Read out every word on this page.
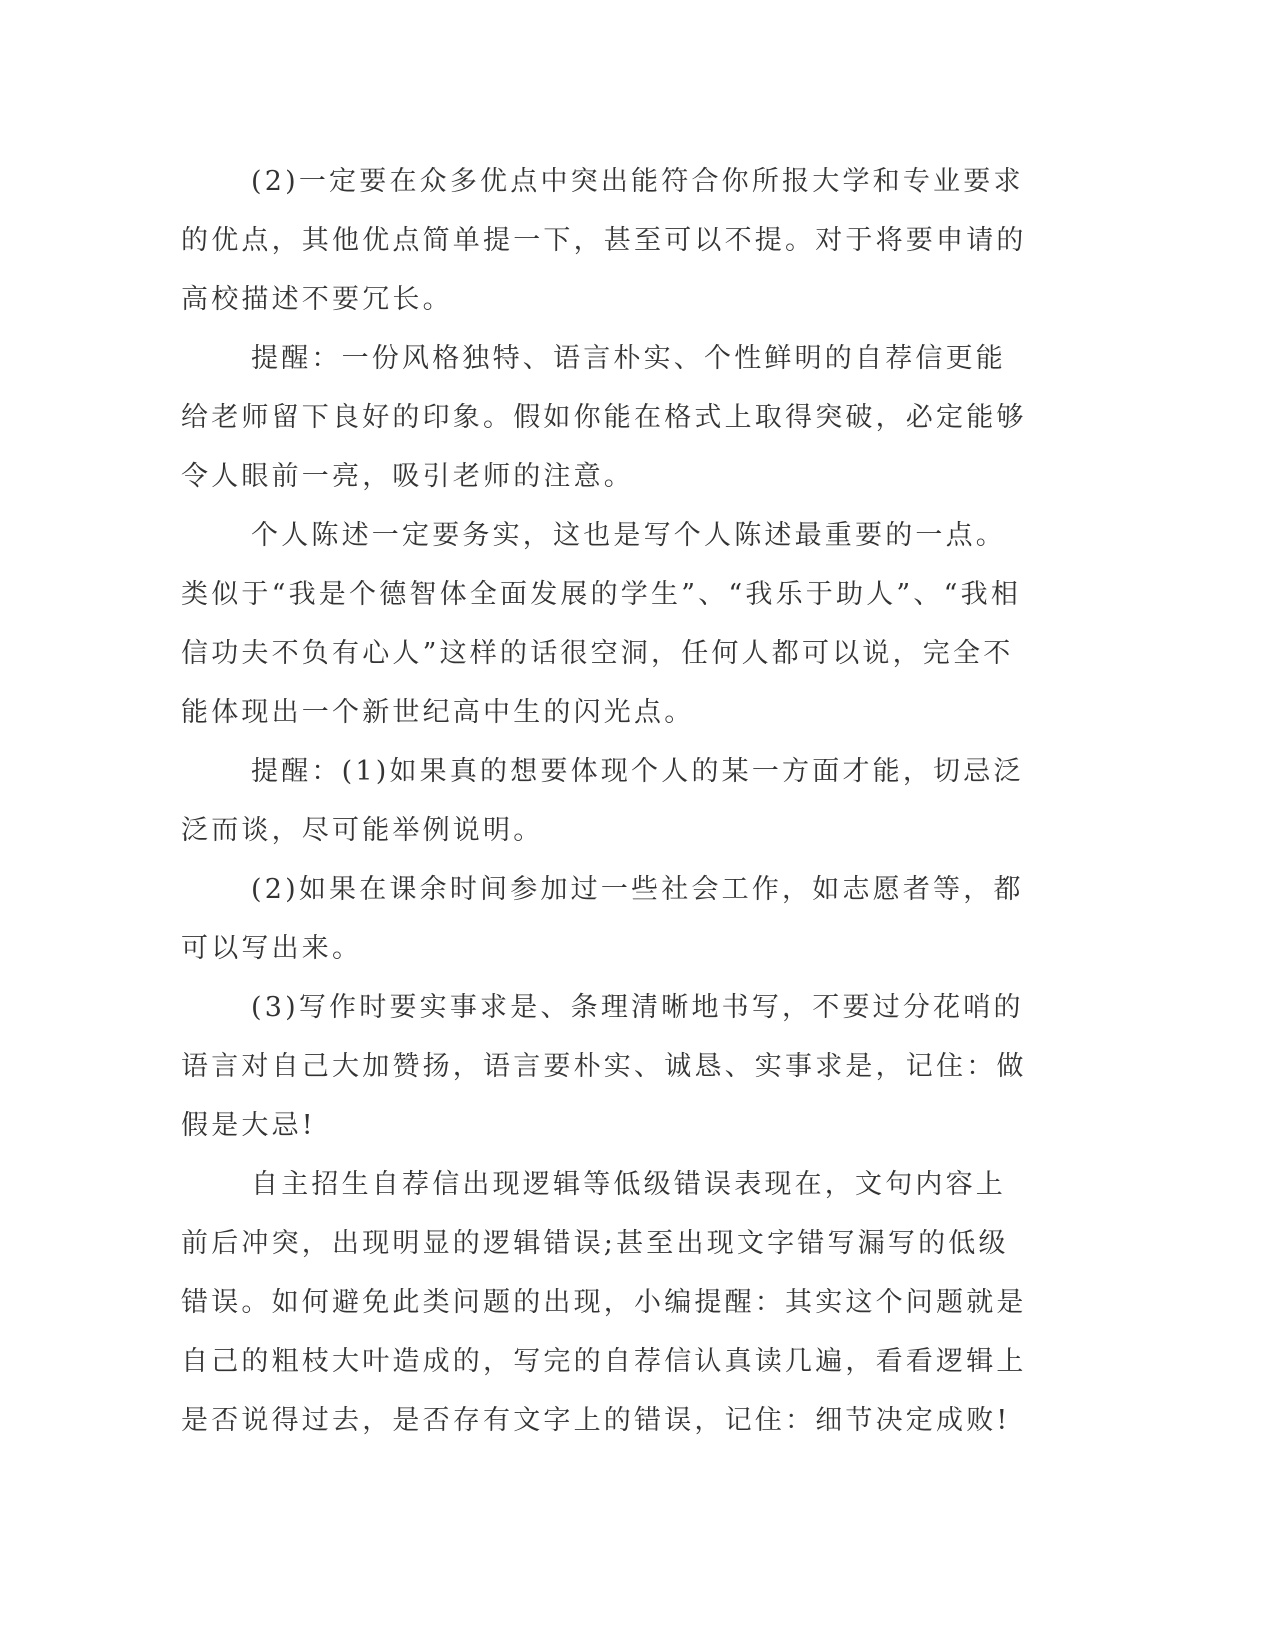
(2)一定要在众多优点中突出能符合你所报大学和专业要求的优点，其他优点简单提一下，甚至可以不提。对于将要申请的高校描述不要冗长。

提醒：一份风格独特、语言朴实、个性鲜明的自荐信更能给老师留下良好的印象。假如你能在格式上取得突破，必定能够令人眼前一亮，吸引老师的注意。

个人陈述一定要务实，这也是写个人陈述最重要的一点。类似于“我是个德智体全面发展的学生”、“我乐于助人”、“我相信功夫不负有心人”这样的话很空洞，任何人都可以说，完全不能体现出一个新世纪高中生的闪光点。

提醒：(1)如果真的想要体现个人的某一方面才能，切忌泛泛而谈，尽可能举例说明。

(2)如果在课余时间参加过一些社会工作，如志愿者等，都可以写出来。

(3)写作时要实事求是、条理清晰地书写，不要过分花哨的语言对自己大加赞扬，语言要朴实、诚恳、实事求是，记住：做假是大忌!

自主招生自荐信出现逻辑等低级错误表现在，文句内容上前后冲突，出现明显的逻辑错误;甚至出现文字错写漏写的低级错误。如何避免此类问题的出现，小编提醒：其实这个问题就是自己的粗枝大叶造成的，写完的自荐信认真读几遍，看看逻辑上是否说得过去，是否存有文字上的错误，记住：细节决定成败!
